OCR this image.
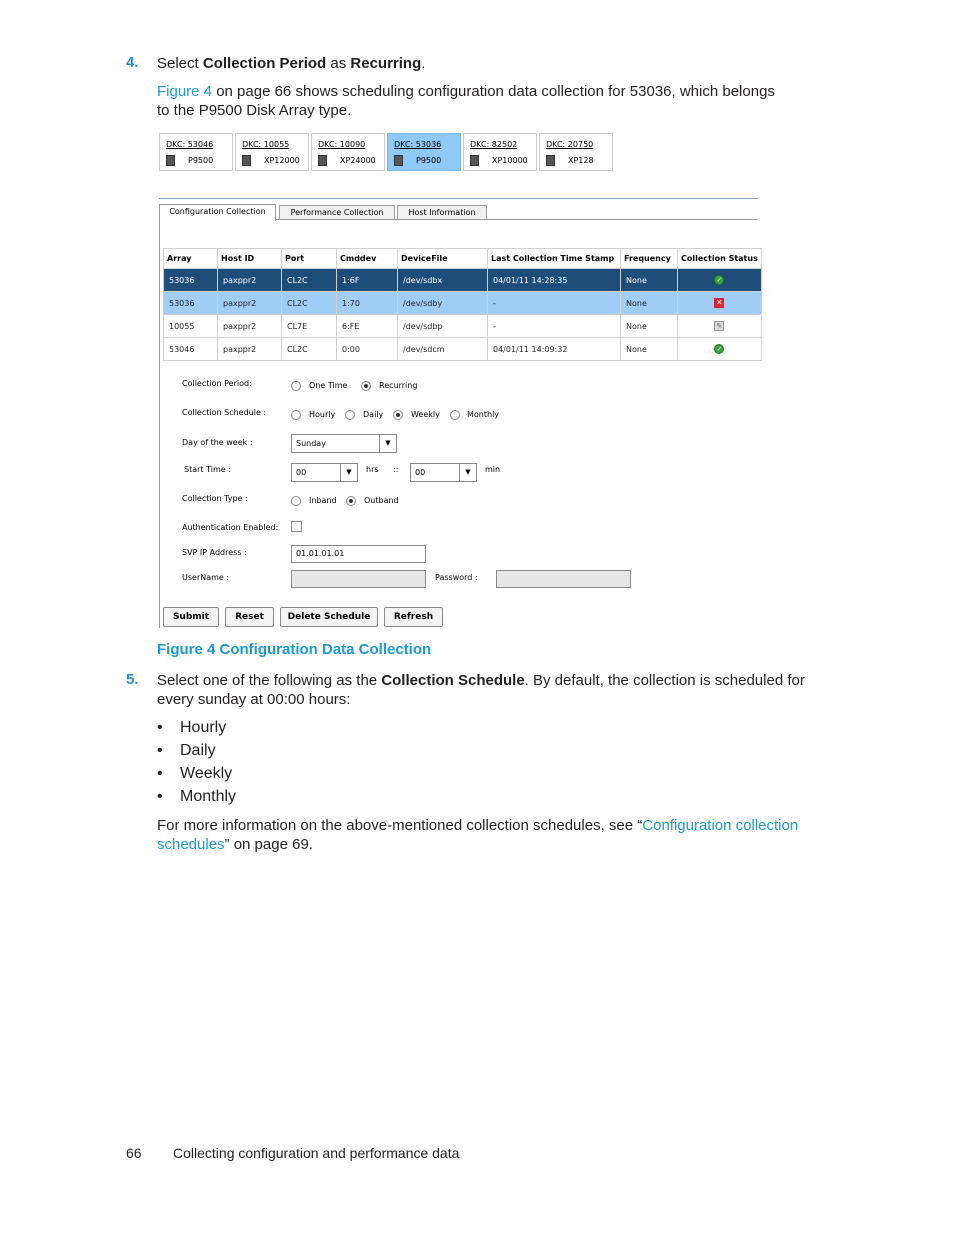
4. Select Collection Period as Recurring.
Figure 4 on page 66 shows scheduling configuration data collection for 53036, which belongs
to the P9500 Disk Array type.
DKC: 53046
P9500
DKC: 10055
XP12000
DKC: 10090
XP24000
DKC: 53036
P9500
DKC: 82502
XP10000
DKC: 20750
XP128
Configuration Collection	Performance Collection	Host Information
Array	Host ID	Port	Cmddev	DeviceFile	Last Collection Time Stamp	Frequency	Collection Status
53036	paxppr2	CL2C	1:6F	/dev/sdbx	04/01/11 14:28:35	None	✓
53036	paxppr2	CL2C	1:70	/dev/sdby	-	None	✕
10055	paxppr2	CL7E	6:FE	/dev/sdbp	-	None	✎
53046	paxppr2	CL2C	0:00	/dev/sdcm	04/01/11 14:09:32	None	✓
Collection Period:	One Time	Recurring
Collection Schedule :	Hourly	Daily	Weekly	Monthly
Day of the week :	Sunday	▼
Start Time :	00	▼	hrs ::	00	▼	min
Collection Type :	Inband	Outband
Authentication Enabled:
SVP IP Address :	01.01.01.01
UserName :	Password :
Submit	Reset	Delete Schedule	Refresh
Figure 4 Configuration Data Collection
5. Select one of the following as the Collection Schedule. By default, the collection is scheduled for
every sunday at 00:00 hours:
• Hourly
• Daily
• Weekly
• Monthly
For more information on the above-mentioned collection schedules, see “Configuration collection
schedules” on page 69.
66 Collecting configuration and performance data
